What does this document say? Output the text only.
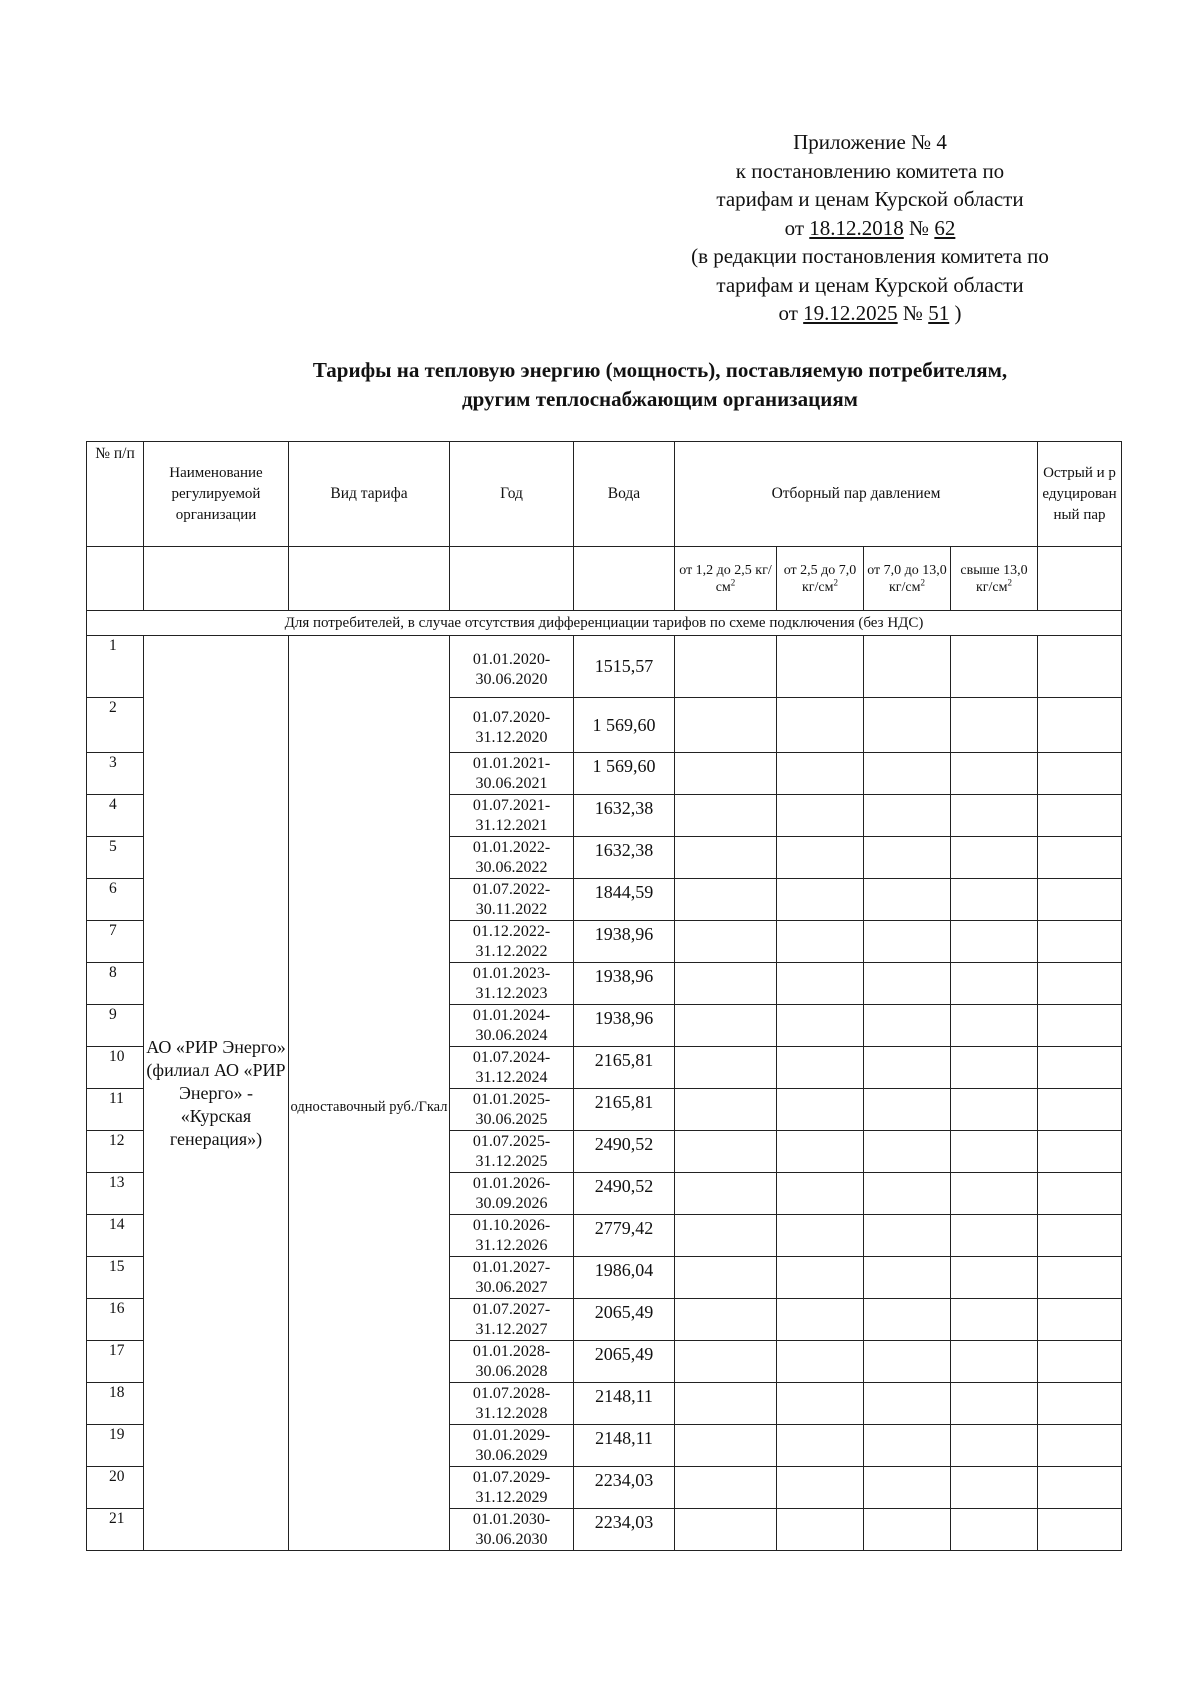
Приложение № 4
к постановлению комитета по
тарифам и ценам Курской области
от 18.12.2018 № 62
(в редакции постановления комитета по
тарифам и ценам Курской области
от 19.12.2025 № 51 )
Тарифы на тепловую энергию (мощность), поставляемую потребителям,
другим теплоснабжающим организациям
№ п/п	Наименование регулируемой организации	Вид тарифа	Год	Вода	Отборный пар давлением				Острый и редуцированный пар
					от 1,2 до 2,5 $кг/см^2$	от 2,5 до 7,0 $кг/см^2$	от 7,0 до 13,0 $кг/см^2$	свыше 13,0 $кг/см^2$	
Для потребителей, в случае отсутствия дифференциации тарифов по схеме подключения (без НДС)									
1	АО «РИР Энерго» (филиал АО «РИР Энерго» - «Курская генерация»)	одноставочный руб./Гкал	01.01.2020-30.06.2020	1515,57					
2			01.07.2020-31.12.2020	1 569,60					
3			01.01.2021-30.06.2021	1 569,60					
4			01.07.2021-31.12.2021	1632,38					
5			01.01.2022-30.06.2022	1632,38					
6			01.07.2022-30.11.2022	1844,59					
7			01.12.2022-31.12.2022	1938,96					
8			01.01.2023-31.12.2023	1938,96					
9			01.01.2024-30.06.2024	1938,96					
10			01.07.2024-31.12.2024	2165,81					
11			01.01.2025-30.06.2025	2165,81					
12			01.07.2025-31.12.2025	2490,52					
13			01.01.2026-30.09.2026	2490,52					
14			01.10.2026-31.12.2026	2779,42					
15			01.01.2027-30.06.2027	1986,04					
16			01.07.2027-31.12.2027	2065,49					
17			01.01.2028-30.06.2028	2065,49					
18			01.07.2028-31.12.2028	2148,11					
19			01.01.2029-30.06.2029	2148,11					
20			01.07.2029-31.12.2029	2234,03					
21			01.01.2030-30.06.2030	2234,03					
